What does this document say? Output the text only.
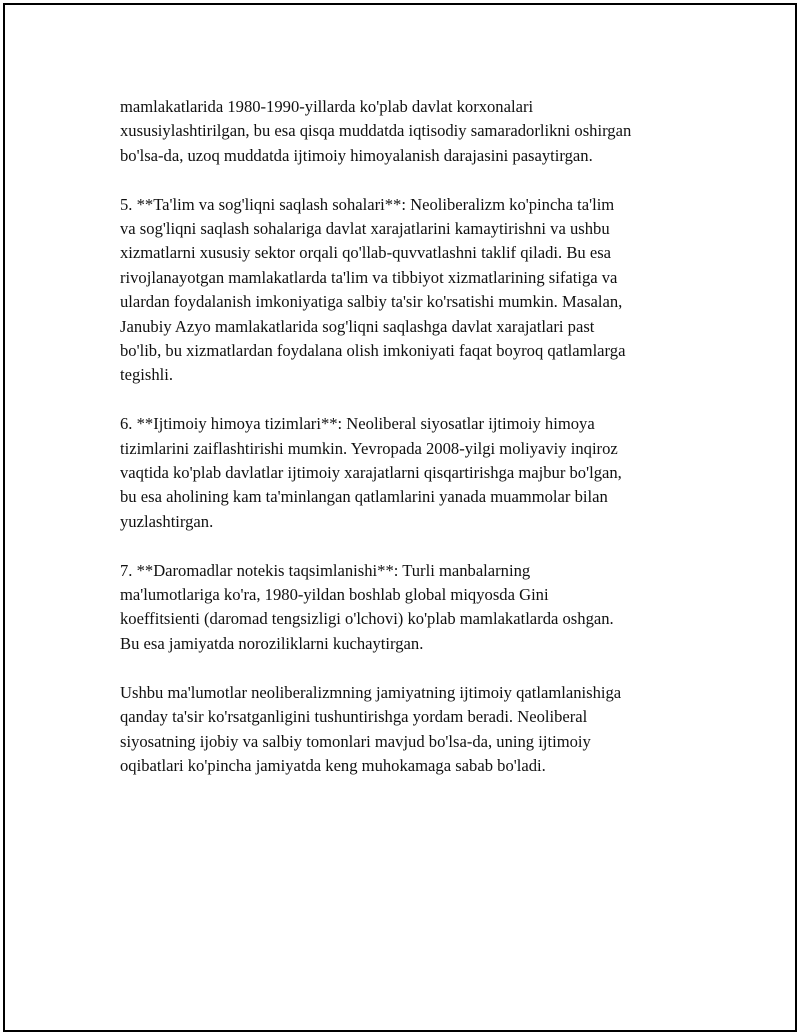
mamlakatlarida 1980-1990-yillarda ko'plab davlat korxonalari
xususiylashtirilgan, bu esa qisqa muddatda iqtisodiy samaradorlikni oshirgan
bo'lsa-da, uzoq muddatda ijtimoiy himoyalanish darajasini pasaytirgan.

5. **Ta'lim va sog'liqni saqlash sohalari**: Neoliberalizm ko'pincha ta'lim
va sog'liqni saqlash sohalariga davlat xarajatlarini kamaytirishni va ushbu
xizmatlarni xususiy sektor orqali qo'llab-quvvatlashni taklif qiladi. Bu esa
rivojlanayotgan mamlakatlarda ta'lim va tibbiyot xizmatlarining sifatiga va
ulardan foydalanish imkoniyatiga salbiy ta'sir ko'rsatishi mumkin. Masalan,
Janubiy Azyo mamlakatlarida sog'liqni saqlashga davlat xarajatlari past
bo'lib, bu xizmatlardan foydalana olish imkoniyati faqat boyroq qatlamlarga
tegishli.

6. **Ijtimoiy himoya tizimlari**: Neoliberal siyosatlar ijtimoiy himoya
tizimlarini zaiflashtirishi mumkin. Yevropada 2008-yilgi moliyaviy inqiroz
vaqtida ko'plab davlatlar ijtimoiy xarajatlarni qisqartirishga majbur bo'lgan,
bu esa aholining kam ta'minlangan qatlamlarini yanada muammolar bilan
yuzlashtirgan.

7. **Daromadlar notekis taqsimlanishi**: Turli manbalarning
ma'lumotlariga ko'ra, 1980-yildan boshlab global miqyosda Gini
koeffitsienti (daromad tengsizligi o'lchovi) ko'plab mamlakatlarda oshgan.
Bu esa jamiyatda noroziliklarni kuchaytirgan.

Ushbu ma'lumotlar neoliberalizmning jamiyatning ijtimoiy qatlamlanishiga
qanday ta'sir ko'rsatganligini tushuntirishga yordam beradi. Neoliberal
siyosatning ijobiy va salbiy tomonlari mavjud bo'lsa-da, uning ijtimoiy
oqibatlari ko'pincha jamiyatda keng muhokamaga sabab bo'ladi.
